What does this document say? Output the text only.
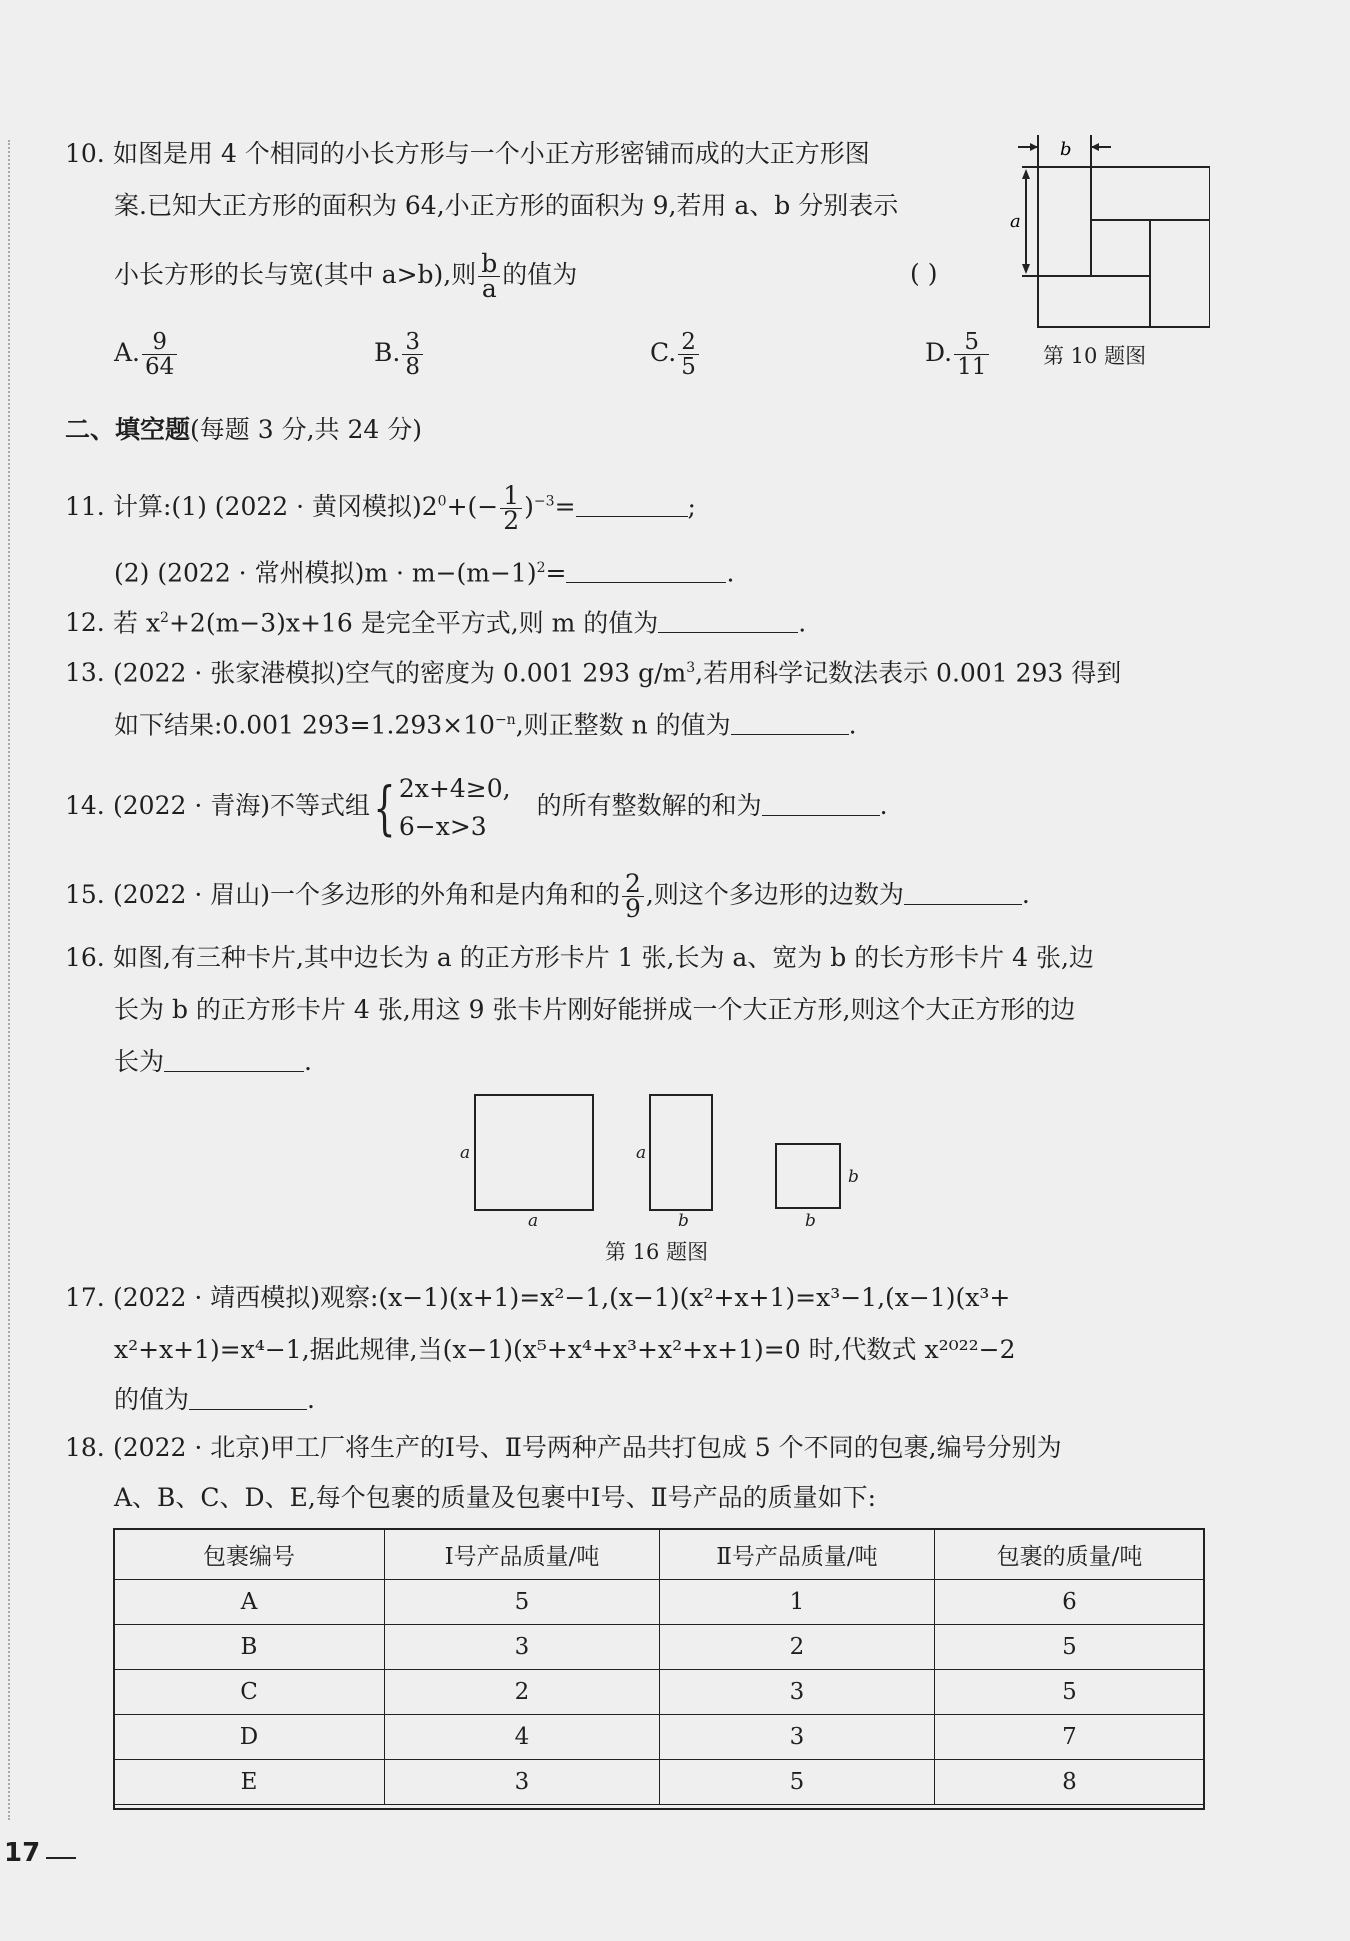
10. 如图是用 4 个相同的小长方形与一个小正方形密铺而成的大正方形图
案.已知大正方形的面积为 64,小正方形的面积为 9,若用 a、b 分别表示
小长方形的长与宽(其中 a>b),则 $\frac{b}{a}$ 的值为	( )
A. $\frac{9}{64}$	B. $\frac{3}{8}$	C. $\frac{2}{5}$	D. $\frac{5}{11}$
b
a
第 10 题图
二、填空题(每题 3 分,共 24 分)
11. 计算:(1) (2022 · 黄冈模拟)$2^0+(- \frac{1}{2} )^{-3}=$	;
(2) (2022 · 常州模拟)$m \cdot m-(m-1)^2=$	.
12. 若 $x^2+2(m-3)x+16$ 是完全平方式,则 m 的值为	.
13. (2022 · 张家港模拟)空气的密度为 0.001 293 $g/m^3$,若用科学记数法表示 0.001 293 得到
如下结果:0.001 $293=1.293\times 10^{-n}$,则正整数 n 的值为	.
14. (2022 · 青海)不等式组{ 2x+4≥0,
6−x>3
的所有整数解的和为	.
15. (2022 · 眉山)一个多边形的外角和是内角和的 $\frac{2}{9}$ ,则这个多边形的边数为	.
16. 如图,有三种卡片,其中边长为 a 的正方形卡片 1 张,长为 a、宽为 b 的长方形卡片 4 张,边
长为 b 的正方形卡片 4 张,用这 9 张卡片刚好能拼成一个大正方形,则这个大正方形的边
长为	.
a
a
a
b
b
b
第 16 题图
17. (2022 · 靖西模拟)观察:(x−1)(x+1)=x²−1,(x−1)(x²+x+1)=x³−1,(x−1)(x³+
x²+x+1)=x⁴−1,据此规律,当(x−1)(x⁵+x⁴+x³+x²+x+1)=0 时,代数式 x²⁰²²−2
的值为	.
18. (2022 · 北京)甲工厂将生产的Ⅰ号、Ⅱ号两种产品共打包成 5 个不同的包裹,编号分别为
A、B、C、D、E,每个包裹的质量及包裹中Ⅰ号、Ⅱ号产品的质量如下:
包裹编号	Ⅰ号产品质量/吨	Ⅱ号产品质量/吨	包裹的质量/吨
A	5	1	6
B	3	2	5
C	2	3	5
D	4	3	7
E	3	5	8
17
